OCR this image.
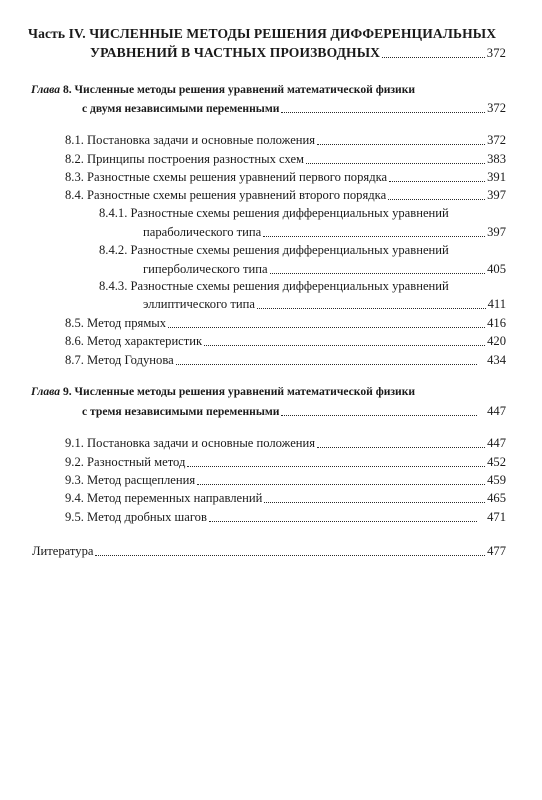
Часть IV. ЧИСЛЕННЫЕ МЕТОДЫ РЕШЕНИЯ ДИФФЕРЕНЦИАЛЬНЫХ
УРАВНЕНИЙ В ЧАСТНЫХ ПРОИЗВОДНЫХ	372
Глава 8. Численные методы решения уравнений математической физики
с двумя независимыми переменными	372
8.1. Постановка задачи и основные положения	372
8.2. Принципы построения разностных схем	383
8.3. Разностные схемы решения уравнений первого порядка	391
8.4. Разностные схемы решения уравнений второго порядка	397
8.4.1. Разностные схемы решения дифференциальных уравнений
параболического типа	397
8.4.2. Разностные схемы решения дифференциальных уравнений
гиперболического типа	405
8.4.3. Разностные схемы решения дифференциальных уравнений
эллиптического типа	411
8.5. Метод прямых	416
8.6. Метод характеристик	420
8.7. Метод Годунова	434
Глава 9. Численные методы решения уравнений математической физики
с тремя независимыми переменными	447
9.1. Постановка задачи и основные положения	447
9.2. Разностный метод	452
9.3. Метод расщепления	459
9.4. Метод переменных направлений	465
9.5. Метод дробных шагов	471
Литература	477
